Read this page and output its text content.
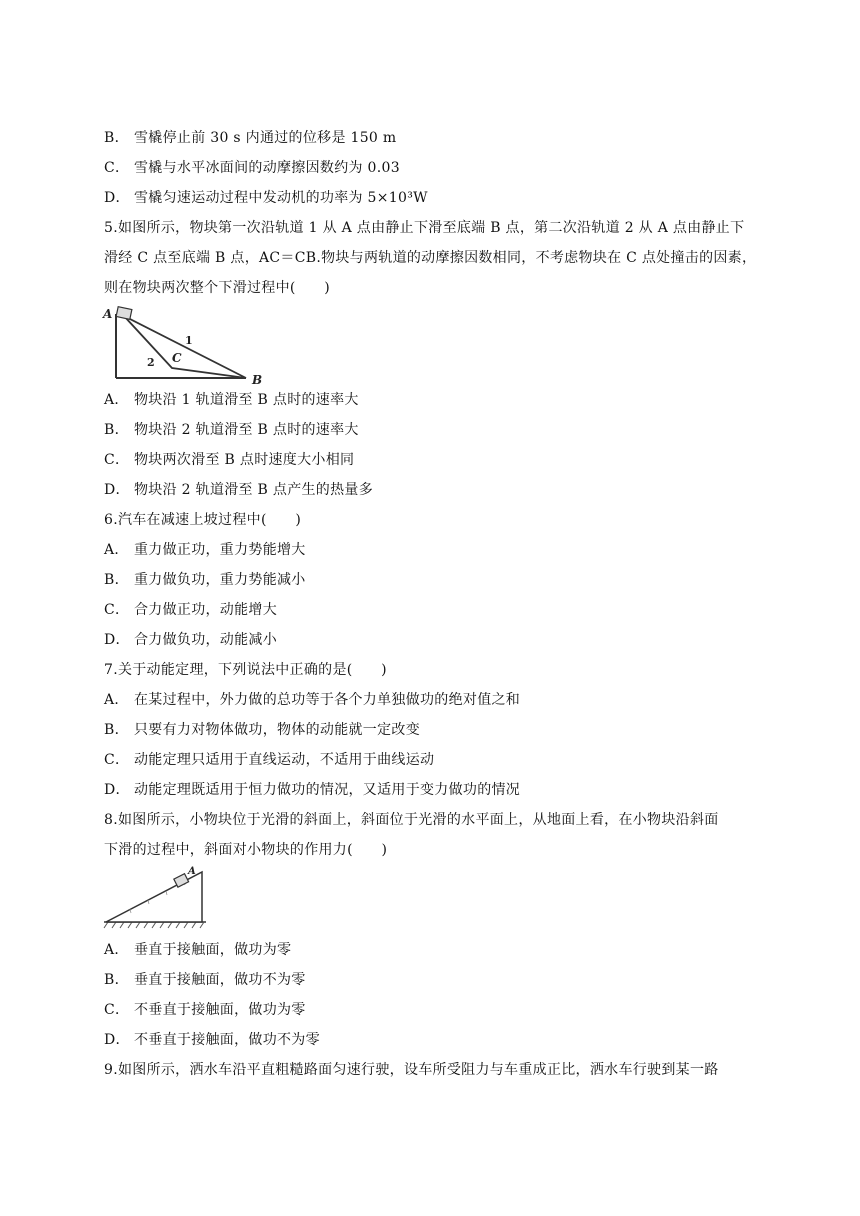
B． 雪橇停止前 30 s 内通过的位移是 150 m
C． 雪橇与水平冰面间的动摩擦因数约为 0.03
D． 雪橇匀速运动过程中发动机的功率为 5×10³W
5.如图所示，物块第一次沿轨道 1 从 A 点由静止下滑至底端 B 点，第二次沿轨道 2 从 A 点由静止下
滑经 C 点至底端 B 点，AC＝CB.物块与两轨道的动摩擦因数相同，不考虑物块在 C 点处撞击的因素，
则在物块两次整个下滑过程中(　　)
A
B
C
1
2
A． 物块沿 1 轨道滑至 B 点时的速率大
B． 物块沿 2 轨道滑至 B 点时的速率大
C． 物块两次滑至 B 点时速度大小相同
D． 物块沿 2 轨道滑至 B 点产生的热量多
6.汽车在减速上坡过程中(　　)
A． 重力做正功，重力势能增大
B． 重力做负功，重力势能减小
C． 合力做正功，动能增大
D． 合力做负功，动能减小
7.关于动能定理，下列说法中正确的是(　　)
A． 在某过程中，外力做的总功等于各个力单独做功的绝对值之和
B． 只要有力对物体做功，物体的动能就一定改变
C． 动能定理只适用于直线运动，不适用于曲线运动
D． 动能定理既适用于恒力做功的情况，又适用于变力做功的情况
8.如图所示，小物块位于光滑的斜面上，斜面位于光滑的水平面上，从地面上看，在小物块沿斜面
下滑的过程中，斜面对小物块的作用力(　　)
A
A． 垂直于接触面，做功为零
B． 垂直于接触面，做功不为零
C． 不垂直于接触面，做功为零
D． 不垂直于接触面，做功不为零
9.如图所示，洒水车沿平直粗糙路面匀速行驶，设车所受阻力与车重成正比，洒水车行驶到某一路
